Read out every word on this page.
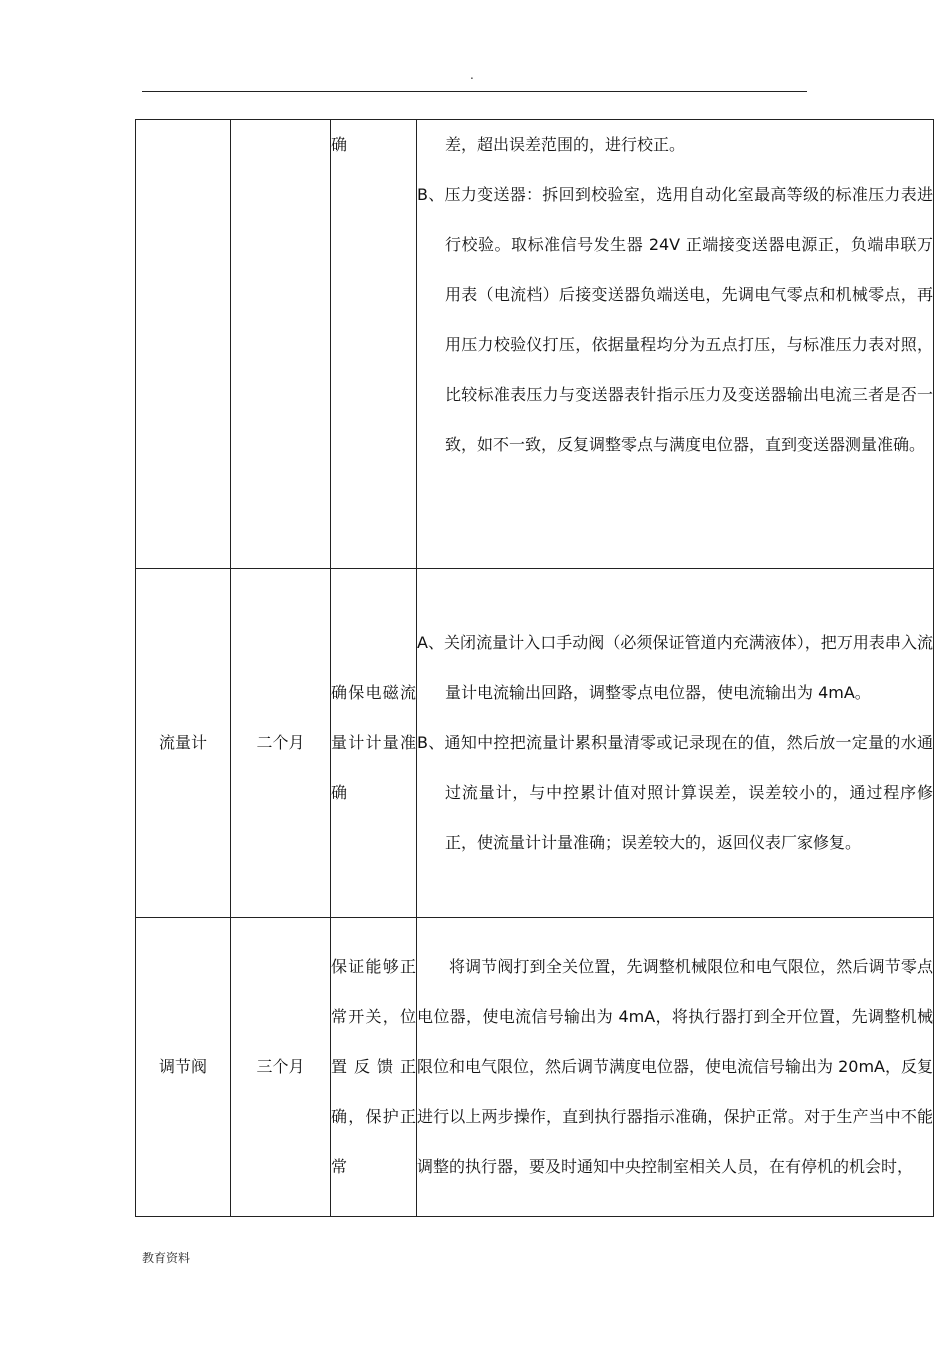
.
		确	差，超出误差范围的，进行校正。

B、压力变送器：拆回到校验室，选用自动化室最高等级的标准压力表进行校验。取标准信号发生器 24V 正端接变送器电源正，负端串联万用表（电流档）后接变送器负端送电，先调电气零点和机械零点，再用压力校验仪打压，依据量程均分为五点打压，与标准压力表对照，比较标准表压力与变送器表针指示压力及变送器输出电流三者是否一致，如不一致，反复调整零点与满度电位器，直到变送器测量准确。

流量计	二个月	确保电磁流量计计量准确	A、关闭流量计入口手动阀（必须保证管道内充满液体），把万用表串入流量计电流输出回路，调整零点电位器，使电流输出为 4mA。

B、通知中控把流量计累积量清零或记录现在的值，然后放一定量的水通过流量计，与中控累计值对照计算误差，误差较小的，通过程序修正，使流量计计量准确；误差较大的，返回仪表厂家修复。

调节阀	三个月	保证能够正常开关，位置反馈正确，保护正常	将调节阀打到全关位置，先调整机械限位和电气限位，然后调节零点电位器，使电流信号输出为 4mA，将执行器打到全开位置，先调整机械限位和电气限位，然后调节满度电位器，使电流信号输出为 20mA，反复进行以上两步操作，直到执行器指示准确，保护正常。对于生产当中不能调整的执行器，要及时通知中央控制室相关人员，在有停机的机会时，

教育资料
